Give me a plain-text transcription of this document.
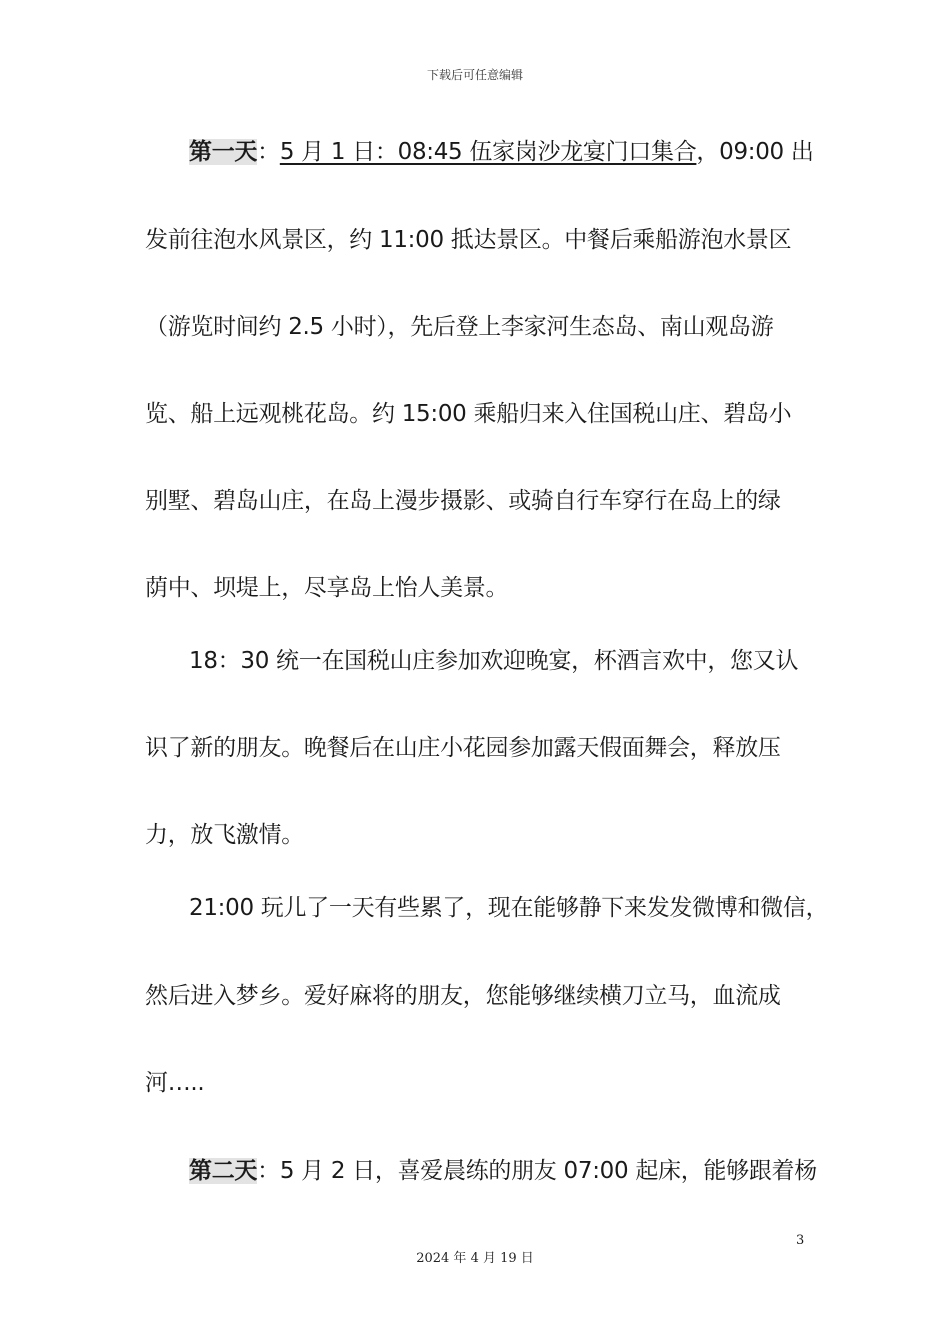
下载后可任意编辑
第一天：5 月 1 日：08:45 伍家岗沙龙宴门口集合，09:00 出
发前往泡水风景区，约 11:00 抵达景区。中餐后乘船游泡水景区
（游览时间约 2.5 小时），先后登上李家河生态岛、南山观岛游
览、船上远观桃花岛。约 15:00 乘船归来入住国税山庄、碧岛小
别墅、碧岛山庄，在岛上漫步摄影、或骑自行车穿行在岛上的绿
荫中、坝堤上，尽享岛上怡人美景。
18：30 统一在国税山庄参加欢迎晚宴，杯酒言欢中，您又认
识了新的朋友。晚餐后在山庄小花园参加露天假面舞会，释放压
力，放飞激情。
21:00 玩儿了一天有些累了，现在能够静下来发发微博和微信，
然后进入梦乡。爱好麻将的朋友，您能够继续横刀立马，血流成
河…..
第二天：5 月 2 日，喜爱晨练的朋友 07:00 起床，能够跟着杨
3
2024 年 4 月 19 日
